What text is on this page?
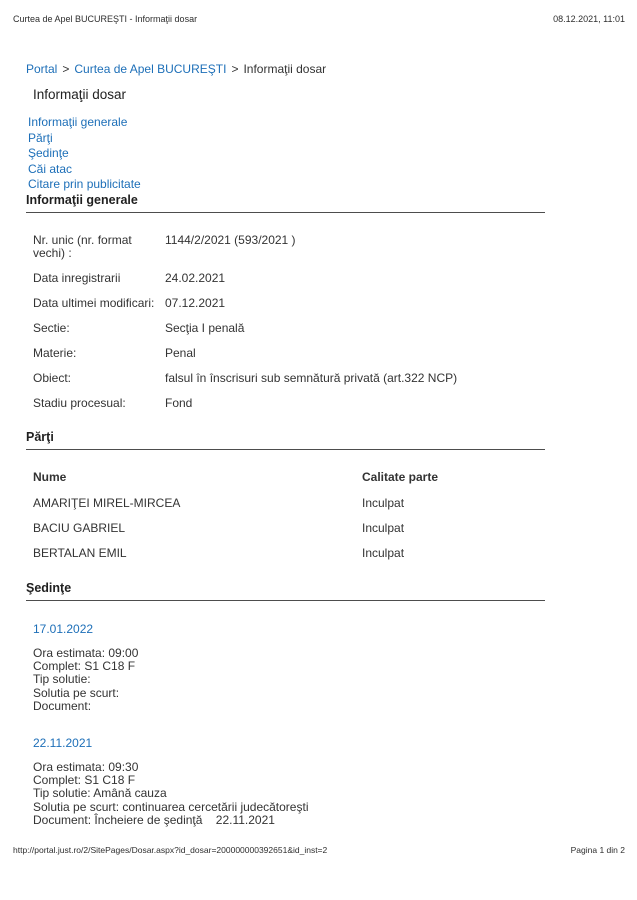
Curtea de Apel BUCUREŞTI - Informaţii dosar	08.12.2021, 11:01
Portal > Curtea de Apel BUCUREŞTI > Informaţii dosar
Informaţii dosar
Informaţii generale
Părţi
Şedinţe
Căi atac
Citare prin publicitate
Informaţii generale
Nr. unic (nr. format vechi) :
1144/2/2021 (593/2021 )
Data inregistrarii	24.02.2021
Data ultimei modificari: 07.12.2021
Sectie:	Secţia I penală
Materie:	Penal
Obiect:	falsul în înscrisuri sub semnătură privată (art.322 NCP)
Stadiu procesual:	Fond
Părţi
Nume	Calitate parte
AMARIŢEI MIREL-MIRCEA	Inculpat
BACIU GABRIEL	Inculpat
BERTALAN EMIL	Inculpat
Şedinţe
17.01.2022
Ora estimata: 09:00
Complet: S1 C18 F
Tip solutie:
Solutia pe scurt:
Document:
22.11.2021
Ora estimata: 09:30
Complet: S1 C18 F
Tip solutie: Amână cauza
Solutia pe scurt: continuarea cercetării judecătoreşti
Document: Încheiere de şedinţă    22.11.2021
http://portal.just.ro/2/SitePages/Dosar.aspx?id_dosar=200000000392651&id_inst=2	Pagina 1 din 2
